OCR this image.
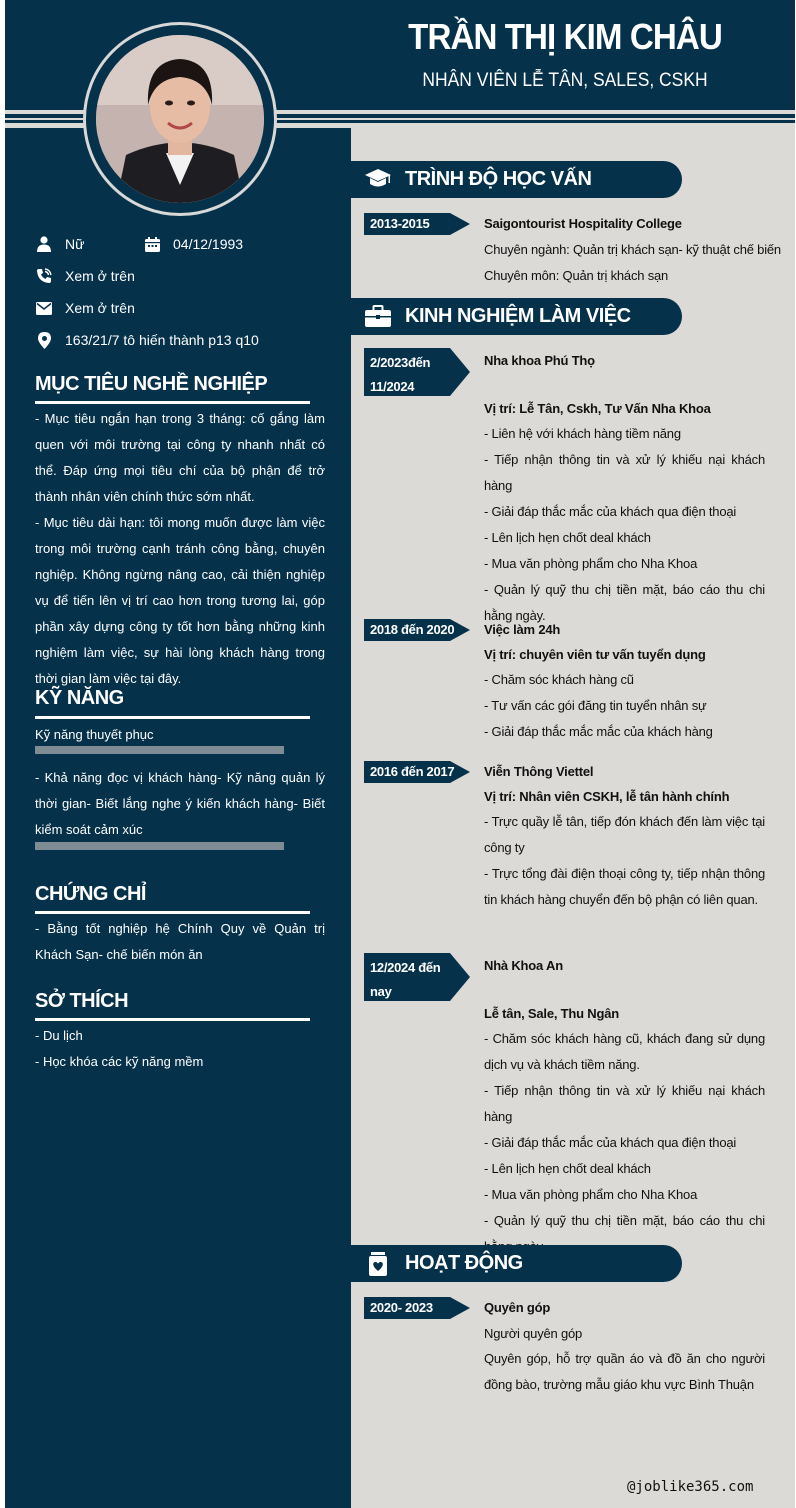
TRẦN THỊ KIM CHÂU
NHÂN VIÊN LỄ TÂN, SALES, CSKH
Nữ	04/12/1993
Xem ở trên
Xem ở trên
163/21/7 tô hiến thành p13 q10
MỤC TIÊU NGHỀ NGHIỆP
- Mục tiêu ngắn hạn trong 3 tháng: cố gắng làm quen với môi trường tại công ty nhanh nhất có thể. Đáp ứng mọi tiêu chí của bộ phận để trở thành nhân viên chính thức sớm nhất.
- Mục tiêu dài hạn: tôi mong muốn được làm việc trong môi trường cạnh tránh công bằng, chuyên nghiệp. Không ngừng nâng cao, cải thiện nghiệp vụ để tiến lên vị trí cao hơn trong tương lai, góp phần xây dựng công ty tốt hơn bằng những kinh nghiệm làm việc, sự hài lòng khách hàng trong thời gian làm việc tại đây.
KỸ NĂNG
Kỹ năng thuyết phục
- Khả năng đọc vị khách hàng- Kỹ năng quản lý thời gian- Biết lắng nghe ý kiến khách hàng- Biết kiểm soát cảm xúc
CHỨNG CHỈ
- Bằng tốt nghiệp hệ Chính Quy về Quản trị Khách Sạn- chế biến món ăn
SỞ THÍCH
- Du lịch
- Học khóa các kỹ năng mềm
TRÌNH ĐỘ HỌC VẤN
2013-2015	Saigontourist Hospitality College
Chuyên ngành: Quản trị khách sạn- kỹ thuật chế biến
Chuyên môn: Quản trị khách sạn
KINH NGHIỆM LÀM VIỆC
2/2023đến 11/2024
Nha khoa Phú Thọ
Vị trí: Lễ Tân, Cskh, Tư Vấn Nha Khoa
- Liên hệ với khách hàng tiềm năng
- Tiếp nhận thông tin và xử lý khiếu nại khách hàng
- Giải đáp thắc mắc của khách qua điện thoại
- Lên lịch hẹn chốt deal khách
- Mua văn phòng phẩm cho Nha Khoa
- Quản lý quỹ thu chị tiền mặt, báo cáo thu chi hằng ngày.
2018 đến 2020 Việc làm 24h
Vị trí: chuyên viên tư vấn tuyển dụng
- Chăm sóc khách hàng cũ
- Tư vấn các gói đăng tin tuyển nhân sự
- Giải đáp thắc mắc mắc của khách hàng
2016 đến 2017 Viễn Thông Viettel
Vị trí: Nhân viên CSKH, lễ tân hành chính
- Trực quầy lễ tân, tiếp đón khách đến làm việc tại công ty
- Trực tổng đài điện thoại công ty, tiếp nhận thông tin khách hàng chuyển đến bộ phận có liên quan.
12/2024 đến nay
Nhà Khoa An
Lễ tân, Sale, Thu Ngân
- Chăm sóc khách hàng cũ, khách đang sử dụng dịch vụ và khách tiềm năng.
- Tiếp nhận thông tin và xử lý khiếu nại khách hàng
- Giải đáp thắc mắc của khách qua điện thoại
- Lên lịch hẹn chốt deal khách
- Mua văn phòng phẩm cho Nha Khoa
- Quản lý quỹ thu chị tiền mặt, báo cáo thu chi
HOẠT ĐỘNG
2020- 2023	Quyên góp
Người quyên góp
Quyên góp, hỗ trợ quần áo và đồ ăn cho người đồng bào, trường mẫu giáo khu vực Bình Thuận
@joblike365.com
